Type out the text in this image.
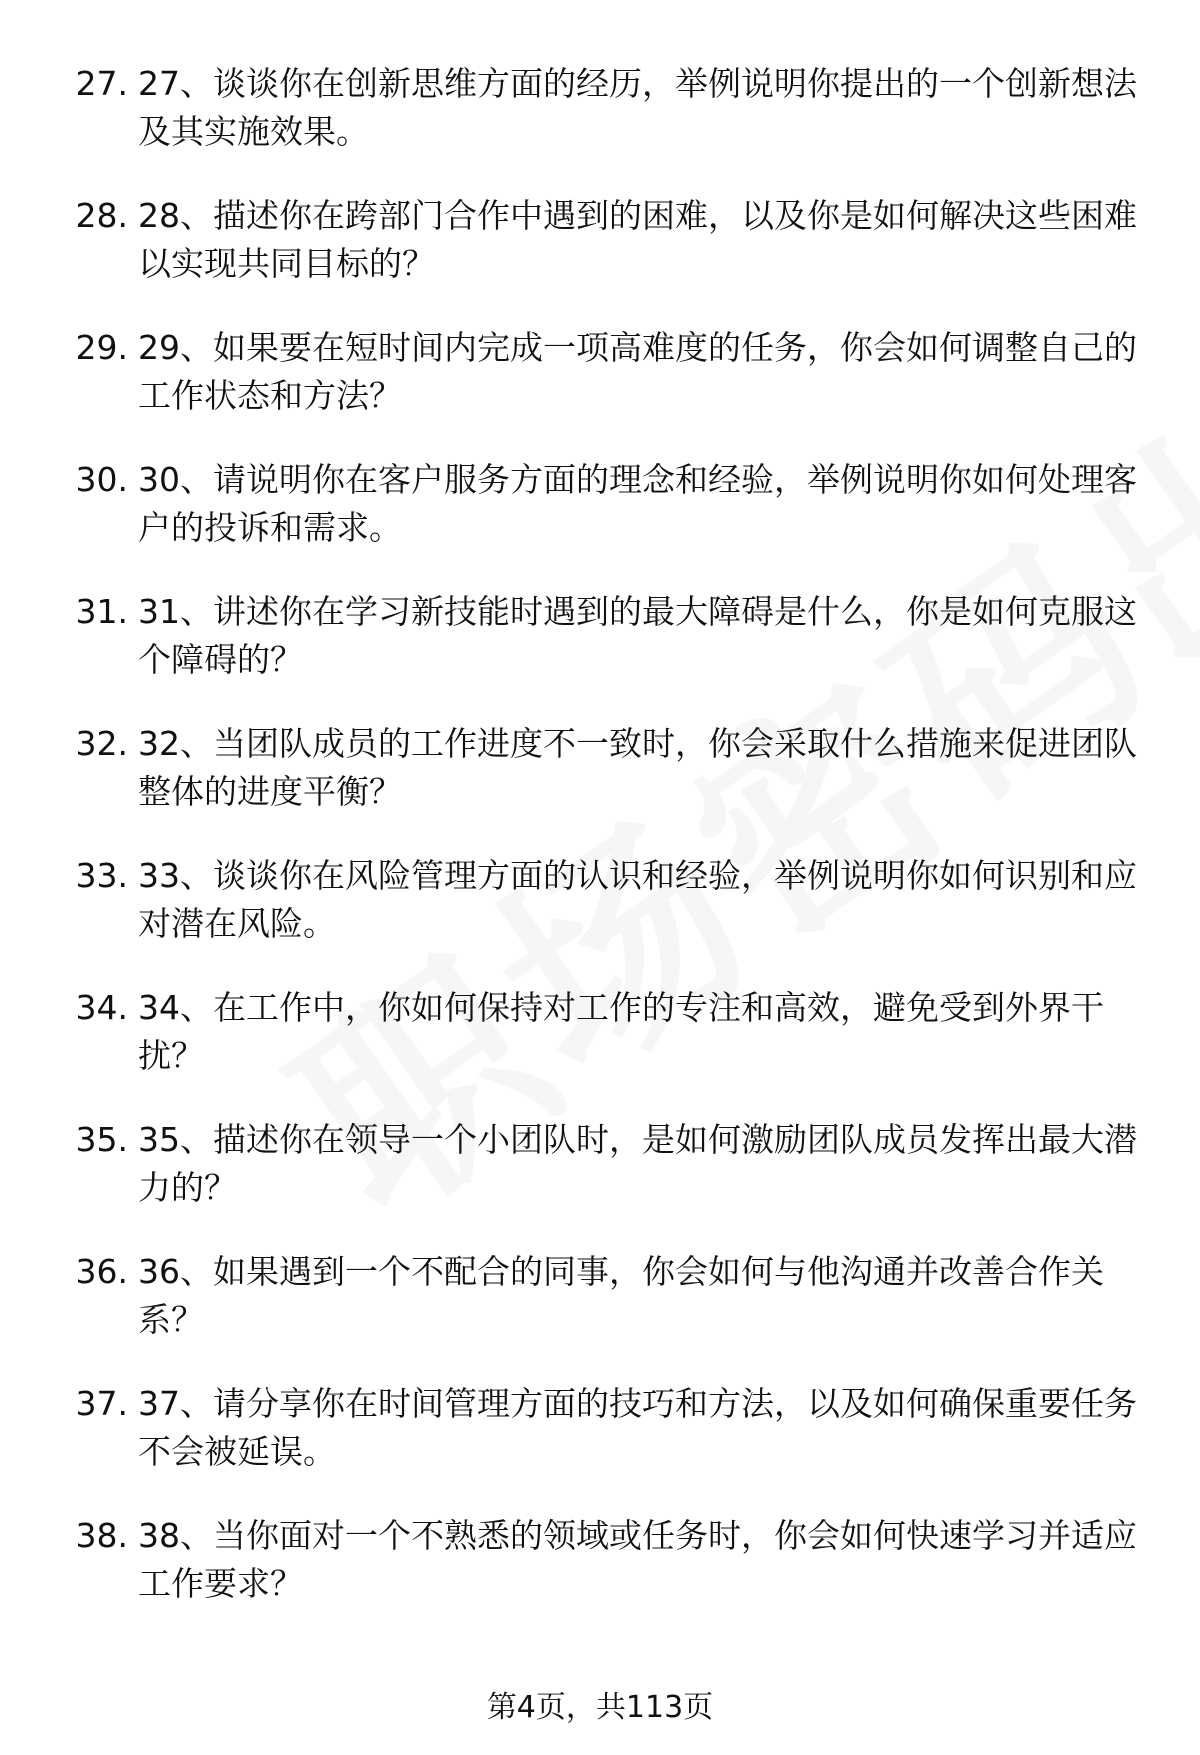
27. 27、谈谈你在创新思维方面的经历，举例说明你提出的一个创新想法及其实施效果。
28. 28、描述你在跨部门合作中遇到的困难，以及你是如何解决这些困难以实现共同目标的？
29. 29、如果要在短时间内完成一项高难度的任务，你会如何调整自己的工作状态和方法？
30. 30、请说明你在客户服务方面的理念和经验，举例说明你如何处理客户的投诉和需求。
31. 31、讲述你在学习新技能时遇到的最大障碍是什么，你是如何克服这个障碍的？
32. 32、当团队成员的工作进度不一致时，你会采取什么措施来促进团队整体的进度平衡？
33. 33、谈谈你在风险管理方面的认识和经验，举例说明你如何识别和应对潜在风险。
34. 34、在工作中，你如何保持对工作的专注和高效，避免受到外界干扰？
35. 35、描述你在领导一个小团队时，是如何激励团队成员发挥出最大潜力的？
36. 36、如果遇到一个不配合的同事，你会如何与他沟通并改善合作关系？
37. 37、请分享你在时间管理方面的技巧和方法，以及如何确保重要任务不会被延误。
38. 38、当你面对一个不熟悉的领域或任务时，你会如何快速学习并适应工作要求？
第4页，共113页
